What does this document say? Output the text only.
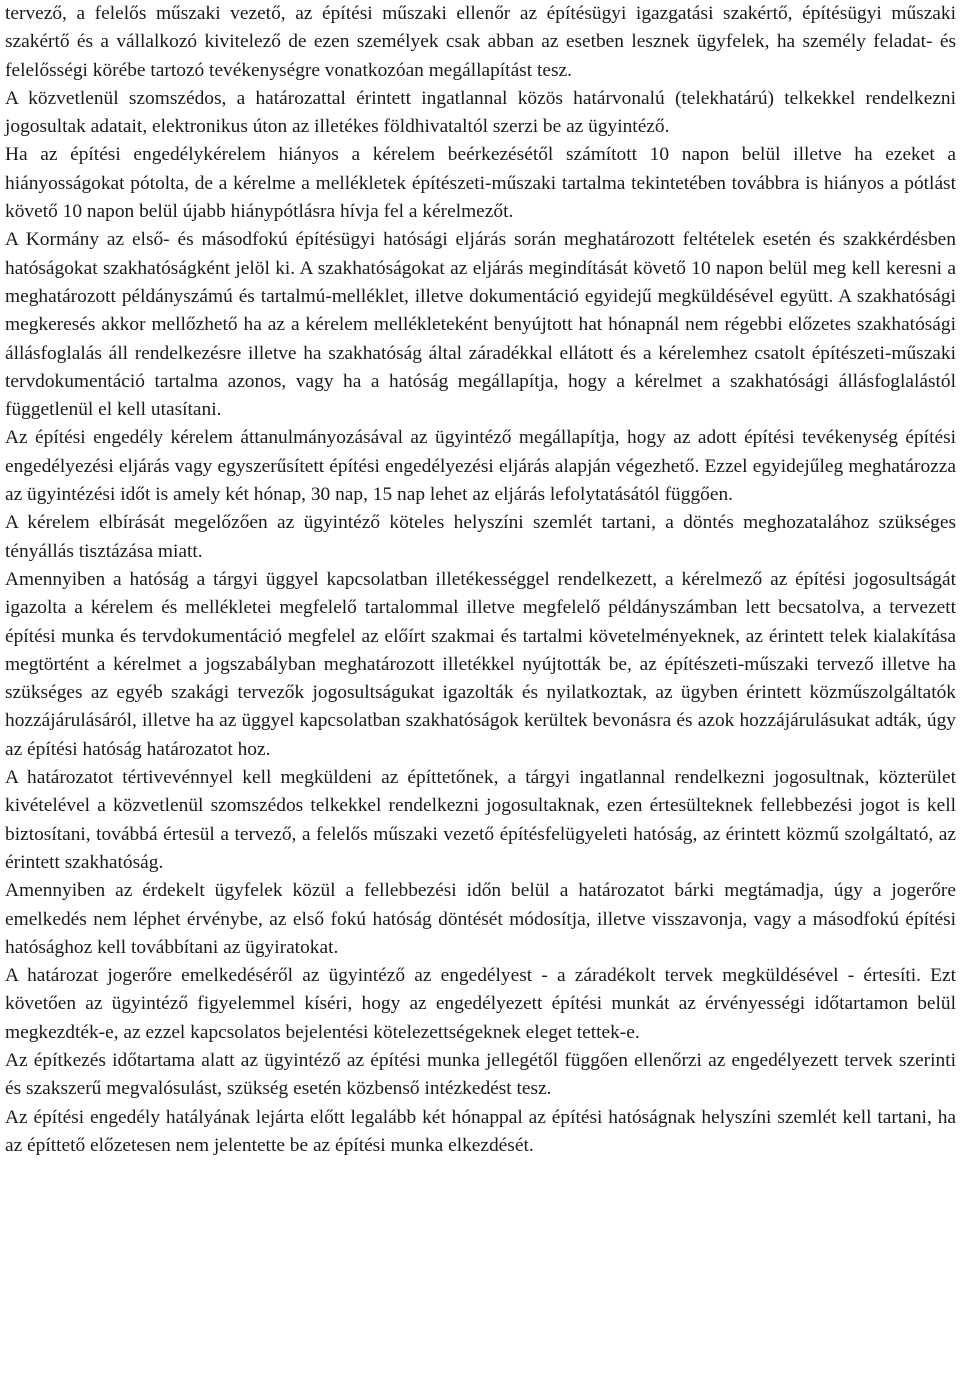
tervező, a felelős műszaki vezető, az építési műszaki ellenőr az építésügyi igazgatási szakértő, építésügyi műszaki szakértő és a vállalkozó kivitelező de ezen személyek csak abban az esetben lesznek ügyfelek, ha személy feladat- és felelősségi körébe tartozó tevékenységre vonatkozóan megállapítást tesz.

A közvetlenül szomszédos, a határozattal érintett ingatlannal közös határvonalú (telekhatárú) telkekkel rendelkezni jogosultak adatait, elektronikus úton az illetékes földhivataltól szerzi be az ügyintéző.

Ha az építési engedélykérelem hiányos a kérelem beérkezésétől számított 10 napon belül illetve ha ezeket a hiányosságokat pótolta, de a kérelme a mellékletek építészeti-műszaki tartalma tekintetében továbbra is hiányos a pótlást követő 10 napon belül újabb hiánypótlásra hívja fel a kérelmezőt.

A Kormány az első- és másodfokú építésügyi hatósági eljárás során meghatározott feltételek esetén és szakkérdésben hatóságokat szakhatóságként jelöl ki. A szakhatóságokat az eljárás megindítását követő 10 napon belül meg kell keresni a meghatározott példányszámú és tartalmú-melléklet, illetve dokumentáció egyidejű megküldésével együtt. A szakhatósági megkeresés akkor mellőzhető ha az a kérelem mellékleteként benyújtott hat hónapnál nem régebbi előzetes szakhatósági állásfoglalás áll rendelkezésre illetve ha szakhatóság által záradékkal ellátott és a kérelemhez csatolt építészeti-műszaki tervdokumentáció tartalma azonos, vagy ha a hatóság megállapítja, hogy a kérelmet a szakhatósági állásfoglalástól függetlenül el kell utasítani.

Az építési engedély kérelem áttanulmányozásával az ügyintéző megállapítja, hogy az adott építési tevékenység építési engedélyezési eljárás vagy egyszerűsített építési engedélyezési eljárás alapján végezhető. Ezzel egyidejűleg meghatározza az ügyintézési időt is amely két hónap, 30 nap, 15 nap lehet az eljárás lefolytatásától függően.

A kérelem elbírását megelőzően az ügyintéző köteles helyszíni szemlét tartani, a döntés meghozatalához szükséges tényállás tisztázása miatt.

Amennyiben a hatóság a tárgyi üggyel kapcsolatban illetékességgel rendelkezett, a kérelmező az építési jogosultságát igazolta a kérelem és mellékletei megfelelő tartalommal illetve megfelelő példányszámban lett becsatolva, a tervezett építési munka és tervdokumentáció megfelel az előírt szakmai és tartalmi követelményeknek, az érintett telek kialakítása megtörtént a kérelmet a jogszabályban meghatározott illetékkel nyújtották be, az építészeti-műszaki tervező illetve ha szükséges az egyéb szakági tervezők jogosultságukat igazolták és nyilatkoztak, az ügyben érintett közműszolgáltatók hozzájárulásáról, illetve ha az üggyel kapcsolatban szakhatóságok kerültek bevonásra és azok hozzájárulásukat adták, úgy az építési hatóság határozatot hoz.

A határozatot tértivevénnyel kell megküldeni az építtetőnek, a tárgyi ingatlannal rendelkezni jogosultnak, közterület kivételével a közvetlenül szomszédos telkekkel rendelkezni jogosultaknak, ezen értesülteknek fellebbezési jogot is kell biztosítani, továbbá értesül a tervező, a felelős műszaki vezető építésfelügyeleti hatóság, az érintett közmű szolgáltató, az érintett szakhatóság.

Amennyiben az érdekelt ügyfelek közül a fellebbezési időn belül a határozatot bárki megtámadja, úgy a jogerőre emelkedés nem léphet érvénybe, az első fokú hatóság döntését módosítja, illetve visszavonja, vagy a másodfokú építési hatósághoz kell továbbítani az ügyiratokat.

A határozat jogerőre emelkedéséről az ügyintéző az engedélyest - a záradékolt tervek megküldésével - értesíti. Ezt követően az ügyintéző figyelemmel kíséri, hogy az engedélyezett építési munkát az érvényességi időtartamon belül megkezdték-e, az ezzel kapcsolatos bejelentési kötelezettségeknek eleget tettek-e.

Az építkezés időtartama alatt az ügyintéző az építési munka jellegétől függően ellenőrzi az engedélyezett tervek szerinti és szakszerű megvalósulást, szükség esetén közbenső intézkedést tesz.

Az építési engedély hatályának lejárta előtt legalább két hónappal az építési hatóságnak helyszíni szemlét kell tartani, ha az építtető előzetesen nem jelentette be az építési munka elkezdését.
